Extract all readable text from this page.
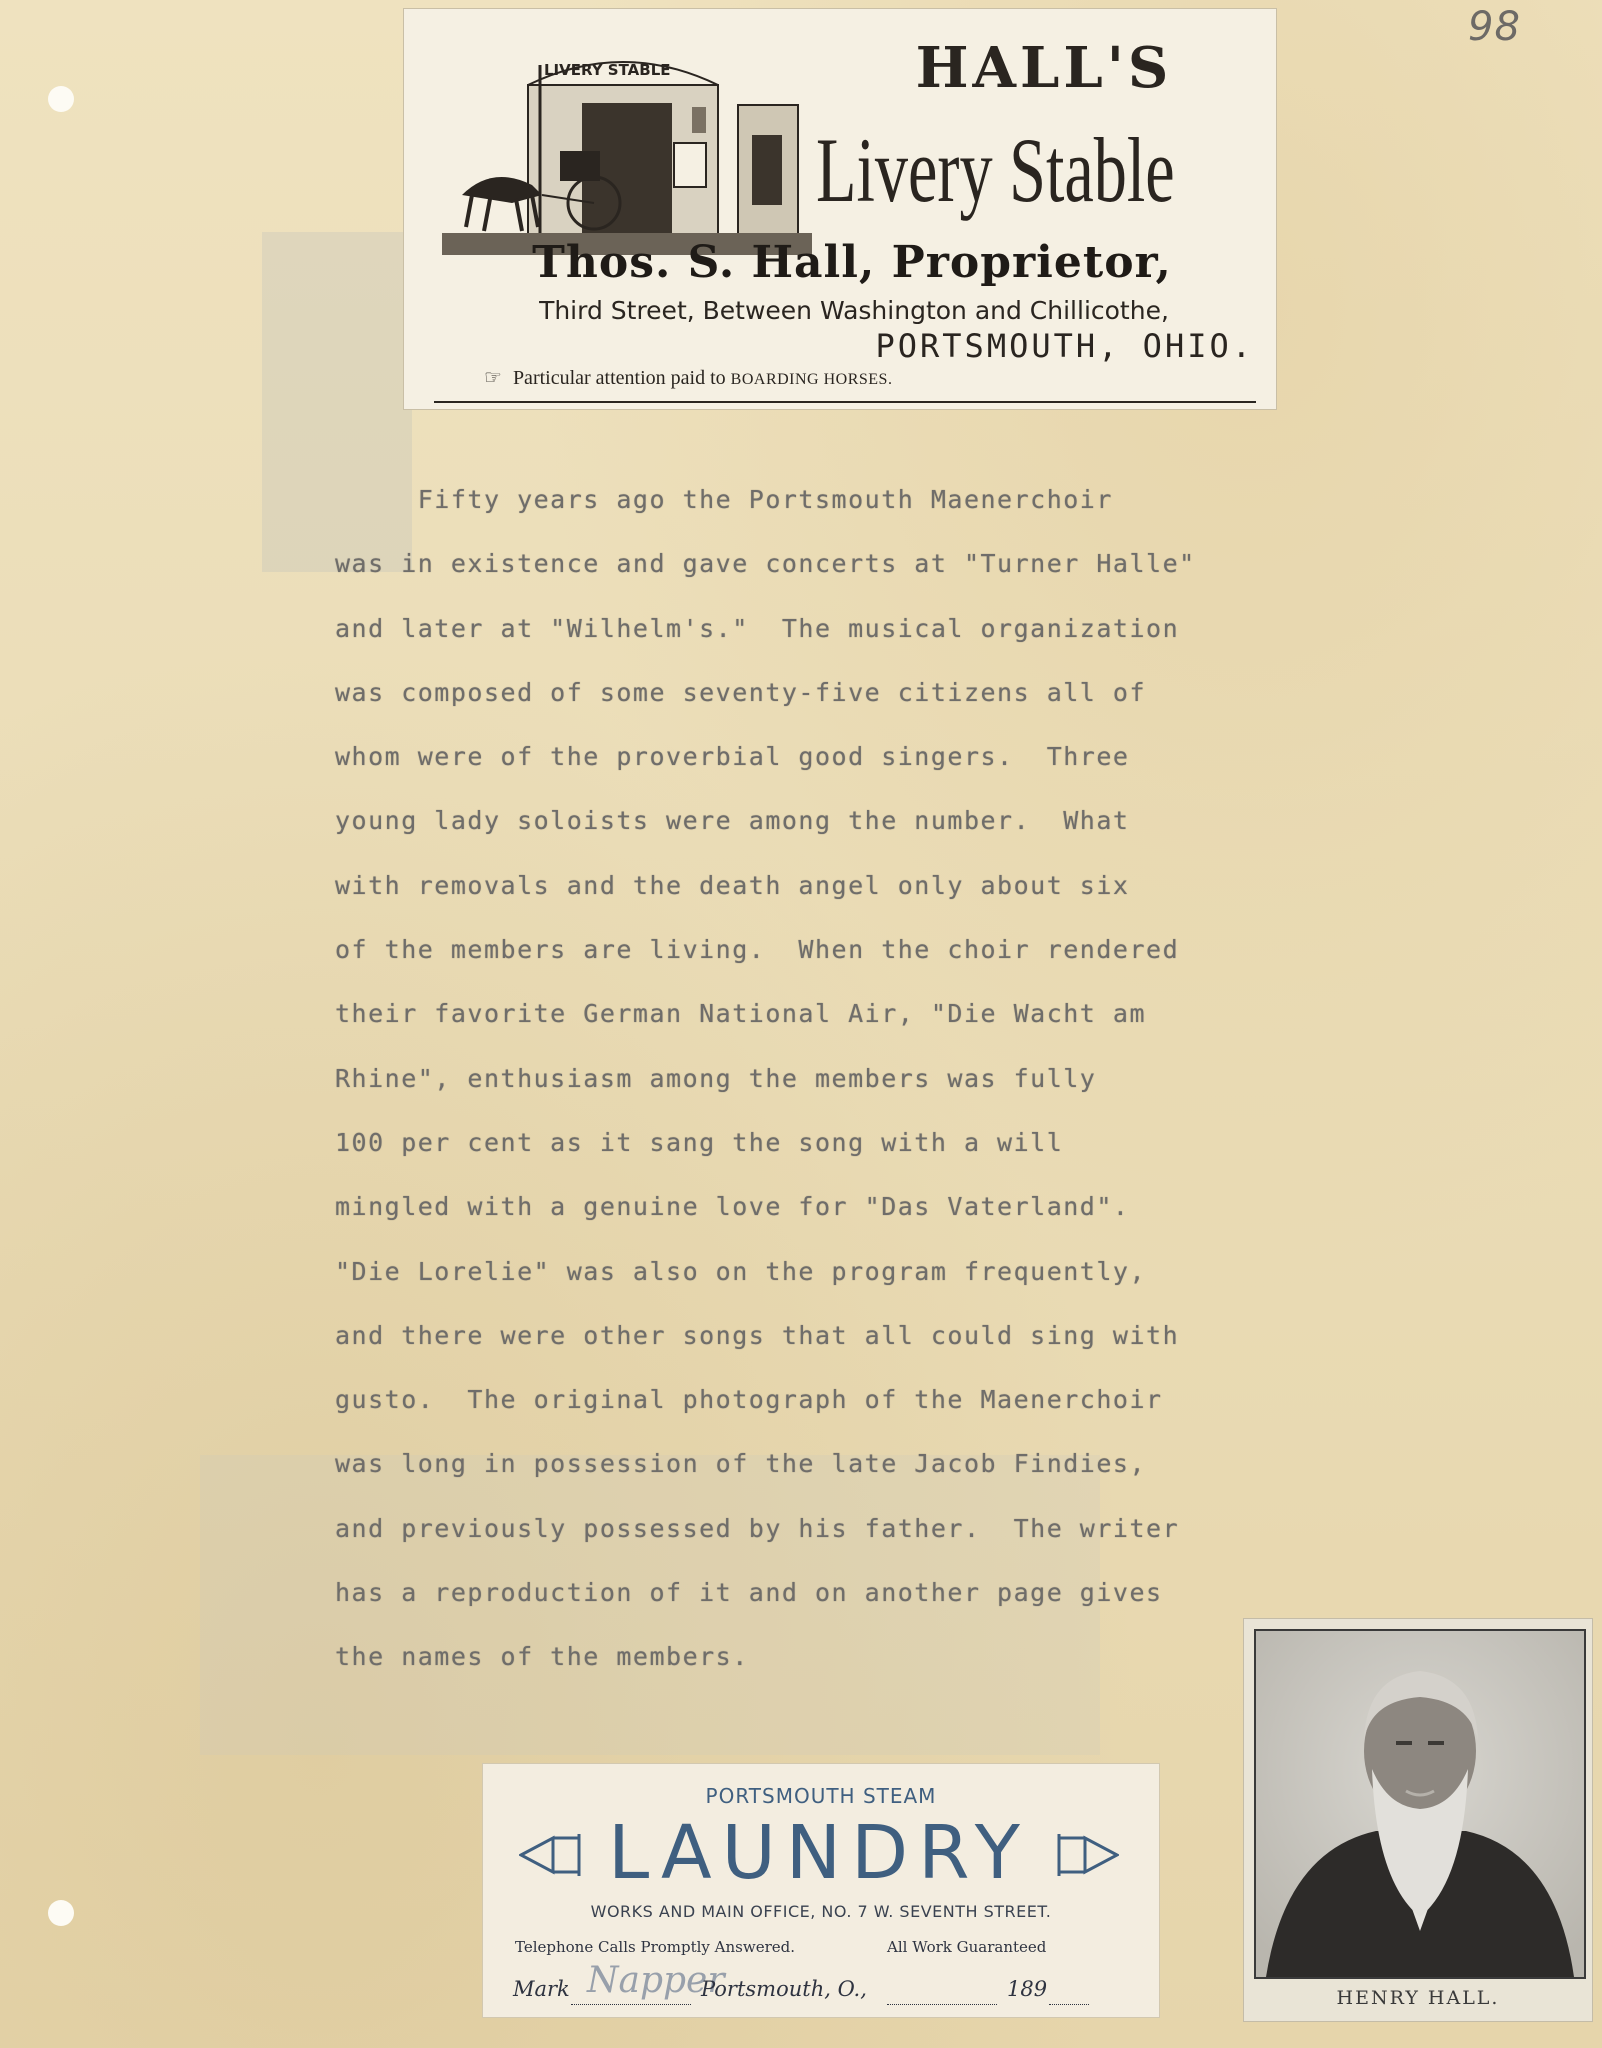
98
LIVERY STABLE	HALL'S
Livery Stable
Thos. S. Hall, Proprietor,
Third Street, Between Washington and Chillicothe,
PORTSMOUTH, OHIO.
☞ Particular attention paid to BOARDING HORSES.
Fifty years ago the Portsmouth Maenerchoir
was in existence and gave concerts at "Turner Halle"
and later at "Wilhelm's."  The musical organization
was composed of some seventy-five citizens all of
whom were of the proverbial good singers.  Three
young lady soloists were among the number.  What
with removals and the death angel only about six
of the members are living.  When the choir rendered
their favorite German National Air, "Die Wacht am
Rhine", enthusiasm among the members was fully
100 per cent as it sang the song with a will
mingled with a genuine love for "Das Vaterland".
"Die Lorelie" was also on the program frequently,
and there were other songs that all could sing with
gusto.  The original photograph of the Maenerchoir
was long in possession of the late Jacob Findies,
and previously possessed by his father.  The writer
has a reproduction of it and on another page gives
the names of the members.
PORTSMOUTH STEAM
LAUNDRY
WORKS AND MAIN OFFICE, NO. 7 W. SEVENTH STREET.
Telephone Calls Promptly Answered.	All Work Guaranteed
Mark Napper
Portsmouth, O.,	189	HENRY HALL.
